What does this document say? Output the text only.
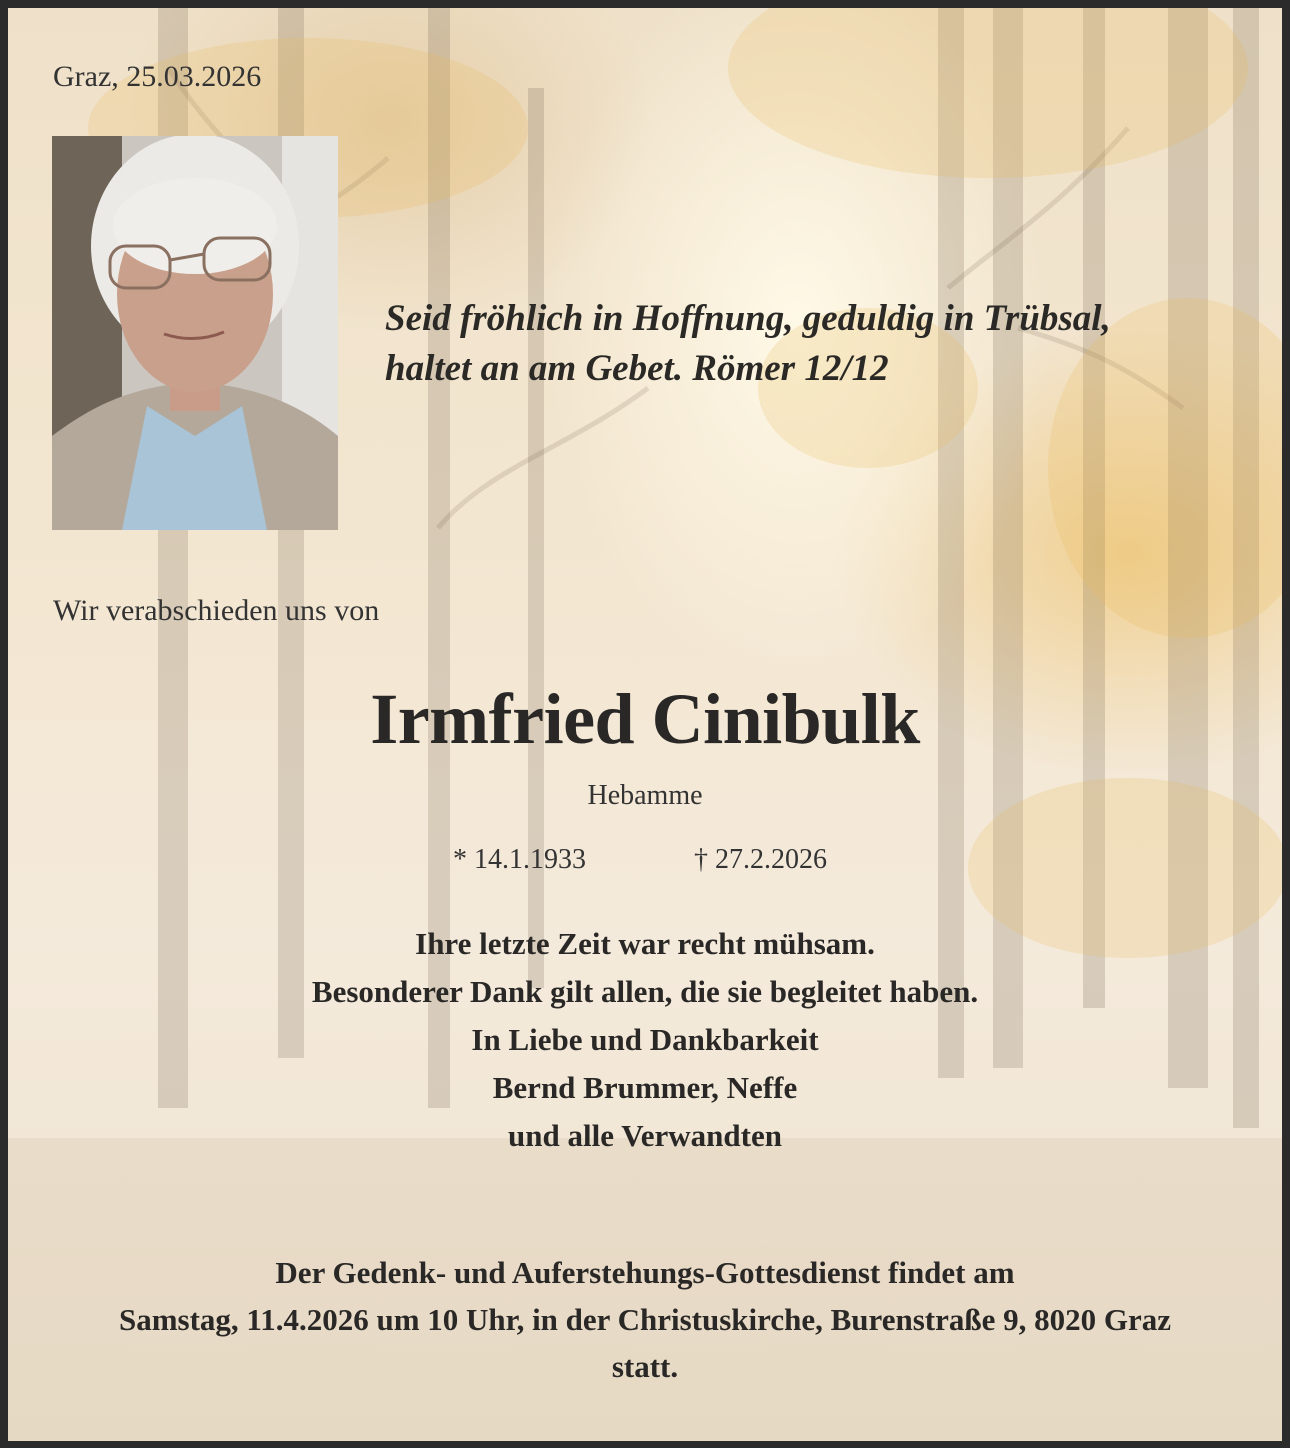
Graz, 25.03.2026
Seid fröhlich in Hoffnung, geduldig in Trübsal,
haltet an am Gebet. Römer 12/12
Wir verabschieden uns von
Irmfried Cinibulk
Hebamme
* 14.1.1933	† 27.2.2026
Ihre letzte Zeit war recht mühsam.
Besonderer Dank gilt allen, die sie begleitet haben.
In Liebe und Dankbarkeit
Bernd Brummer, Neffe
und alle Verwandten
Der Gedenk- und Auferstehungs-Gottesdienst findet am
Samstag, 11.4.2026 um 10 Uhr, in der Christuskirche, Burenstraße 9, 8020 Graz
statt.
